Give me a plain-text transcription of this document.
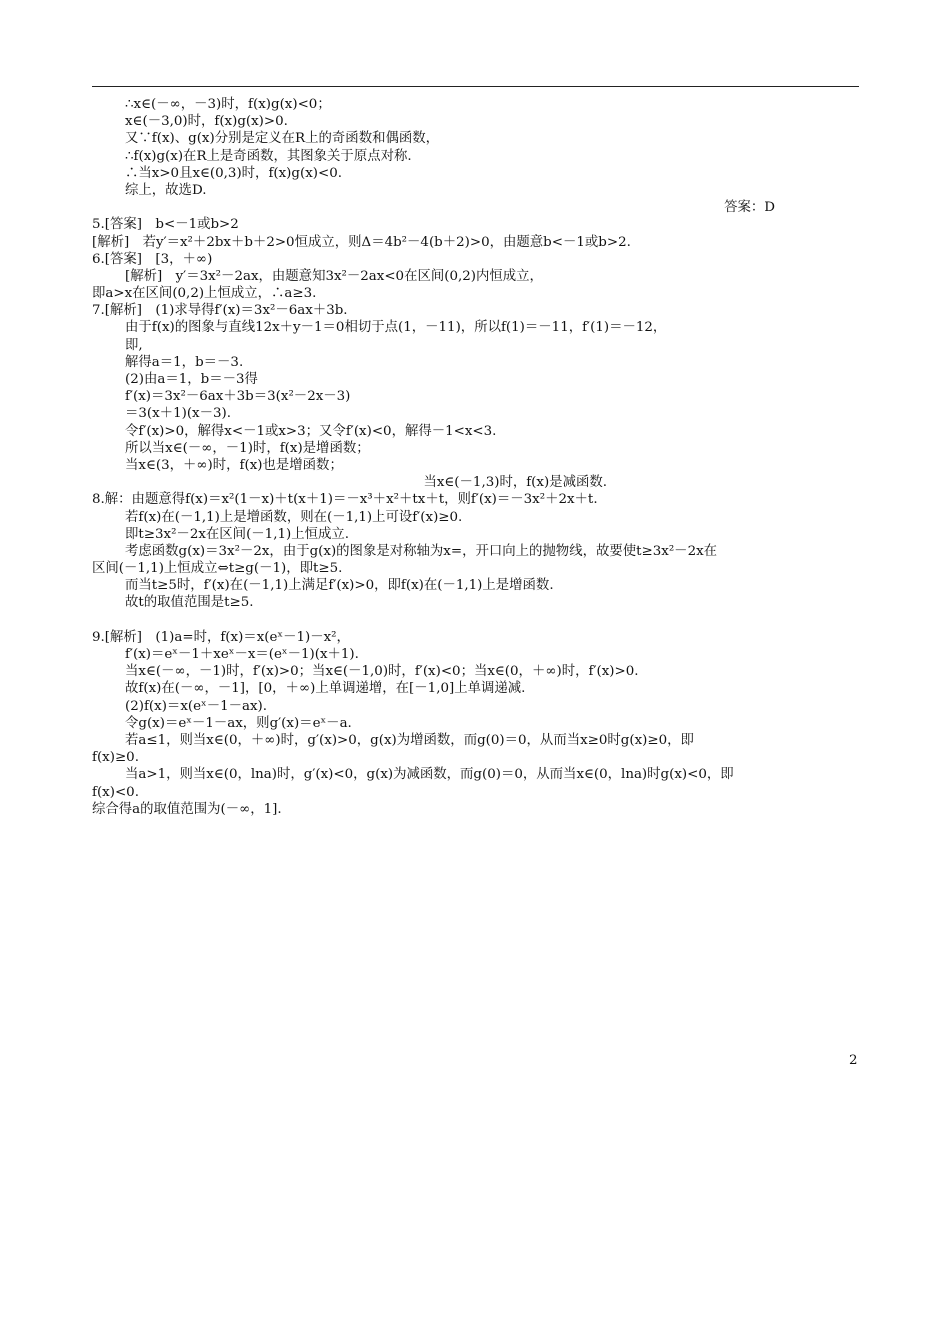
∴x∈(－∞，－3)时，f(x)g(x)<0；
x∈(－3,0)时，f(x)g(x)>0.
又∵f(x)、g(x)分别是定义在R上的奇函数和偶函数，
∴f(x)g(x)在R上是奇函数，其图象关于原点对称.
∴当x>0且x∈(0,3)时，f(x)g(x)<0.
综上，故选D.
答案：D
5.[答案]　b<－1或b>2
[解析]　若y′＝x²＋2bx＋b＋2>0恒成立，则Δ＝4b²－4(b＋2)>0，由题意b<－1或b>2.
6.[答案]　[3，＋∞)
[解析]　y′＝3x²－2ax，由题意知3x²－2ax<0在区间(0,2)内恒成立，
即a>x在区间(0,2)上恒成立，∴a≥3.
7.[解析]　(1)求导得f′(x)＝3x²－6ax＋3b.
由于f(x)的图象与直线12x＋y－1＝0相切于点(1，－11)，所以f(1)＝－11，f′(1)＝－12，
即,
解得a＝1，b＝－3.
(2)由a＝1，b＝－3得
f′(x)＝3x²－6ax＋3b＝3(x²－2x－3)
＝3(x＋1)(x－3).
令f′(x)>0，解得x<－1或x>3；又令f′(x)<0，解得－1<x<3.
所以当x∈(－∞，－1)时，f(x)是增函数；
当x∈(3，＋∞)时，f(x)也是增函数；
当x∈(－1,3)时，f(x)是减函数.
8.解：由题意得f(x)＝x²(1－x)＋t(x＋1)＝－x³＋x²＋tx＋t，则f′(x)＝－3x²＋2x＋t.
若f(x)在(－1,1)上是增函数，则在(－1,1)上可设f′(x)≥0.
即t≥3x²－2x在区间(－1,1)上恒成立.
考虑函数g(x)＝3x²－2x，由于g(x)的图象是对称轴为x=，开口向上的抛物线，故要使t≥3x²－2x在
区间(－1,1)上恒成立⇔t≥g(－1)，即t≥5.
而当t≥5时，f′(x)在(－1,1)上满足f′(x)>0，即f(x)在(－1,1)上是增函数.
故t的取值范围是t≥5.
9.[解析]　(1)a=时，f(x)＝x(eˣ－1)－x²，
f′(x)＝eˣ－1＋xeˣ－x＝(eˣ－1)(x＋1).
当x∈(－∞，－1)时，f′(x)>0；当x∈(－1,0)时，f′(x)<0；当x∈(0，＋∞)时，f′(x)>0.
故f(x)在(－∞，－1]，[0，＋∞)上单调递增，在[－1,0]上单调递减.
(2)f(x)＝x(eˣ－1－ax).
令g(x)＝eˣ－1－ax，则g′(x)＝eˣ－a.
若a≤1，则当x∈(0，＋∞)时，g′(x)>0，g(x)为增函数，而g(0)＝0，从而当x≥0时g(x)≥0，即
f(x)≥0.
当a>1，则当x∈(0，lna)时，g′(x)<0，g(x)为减函数，而g(0)＝0，从而当x∈(0，lna)时g(x)<0，即
f(x)<0.
综合得a的取值范围为(－∞，1].
2
